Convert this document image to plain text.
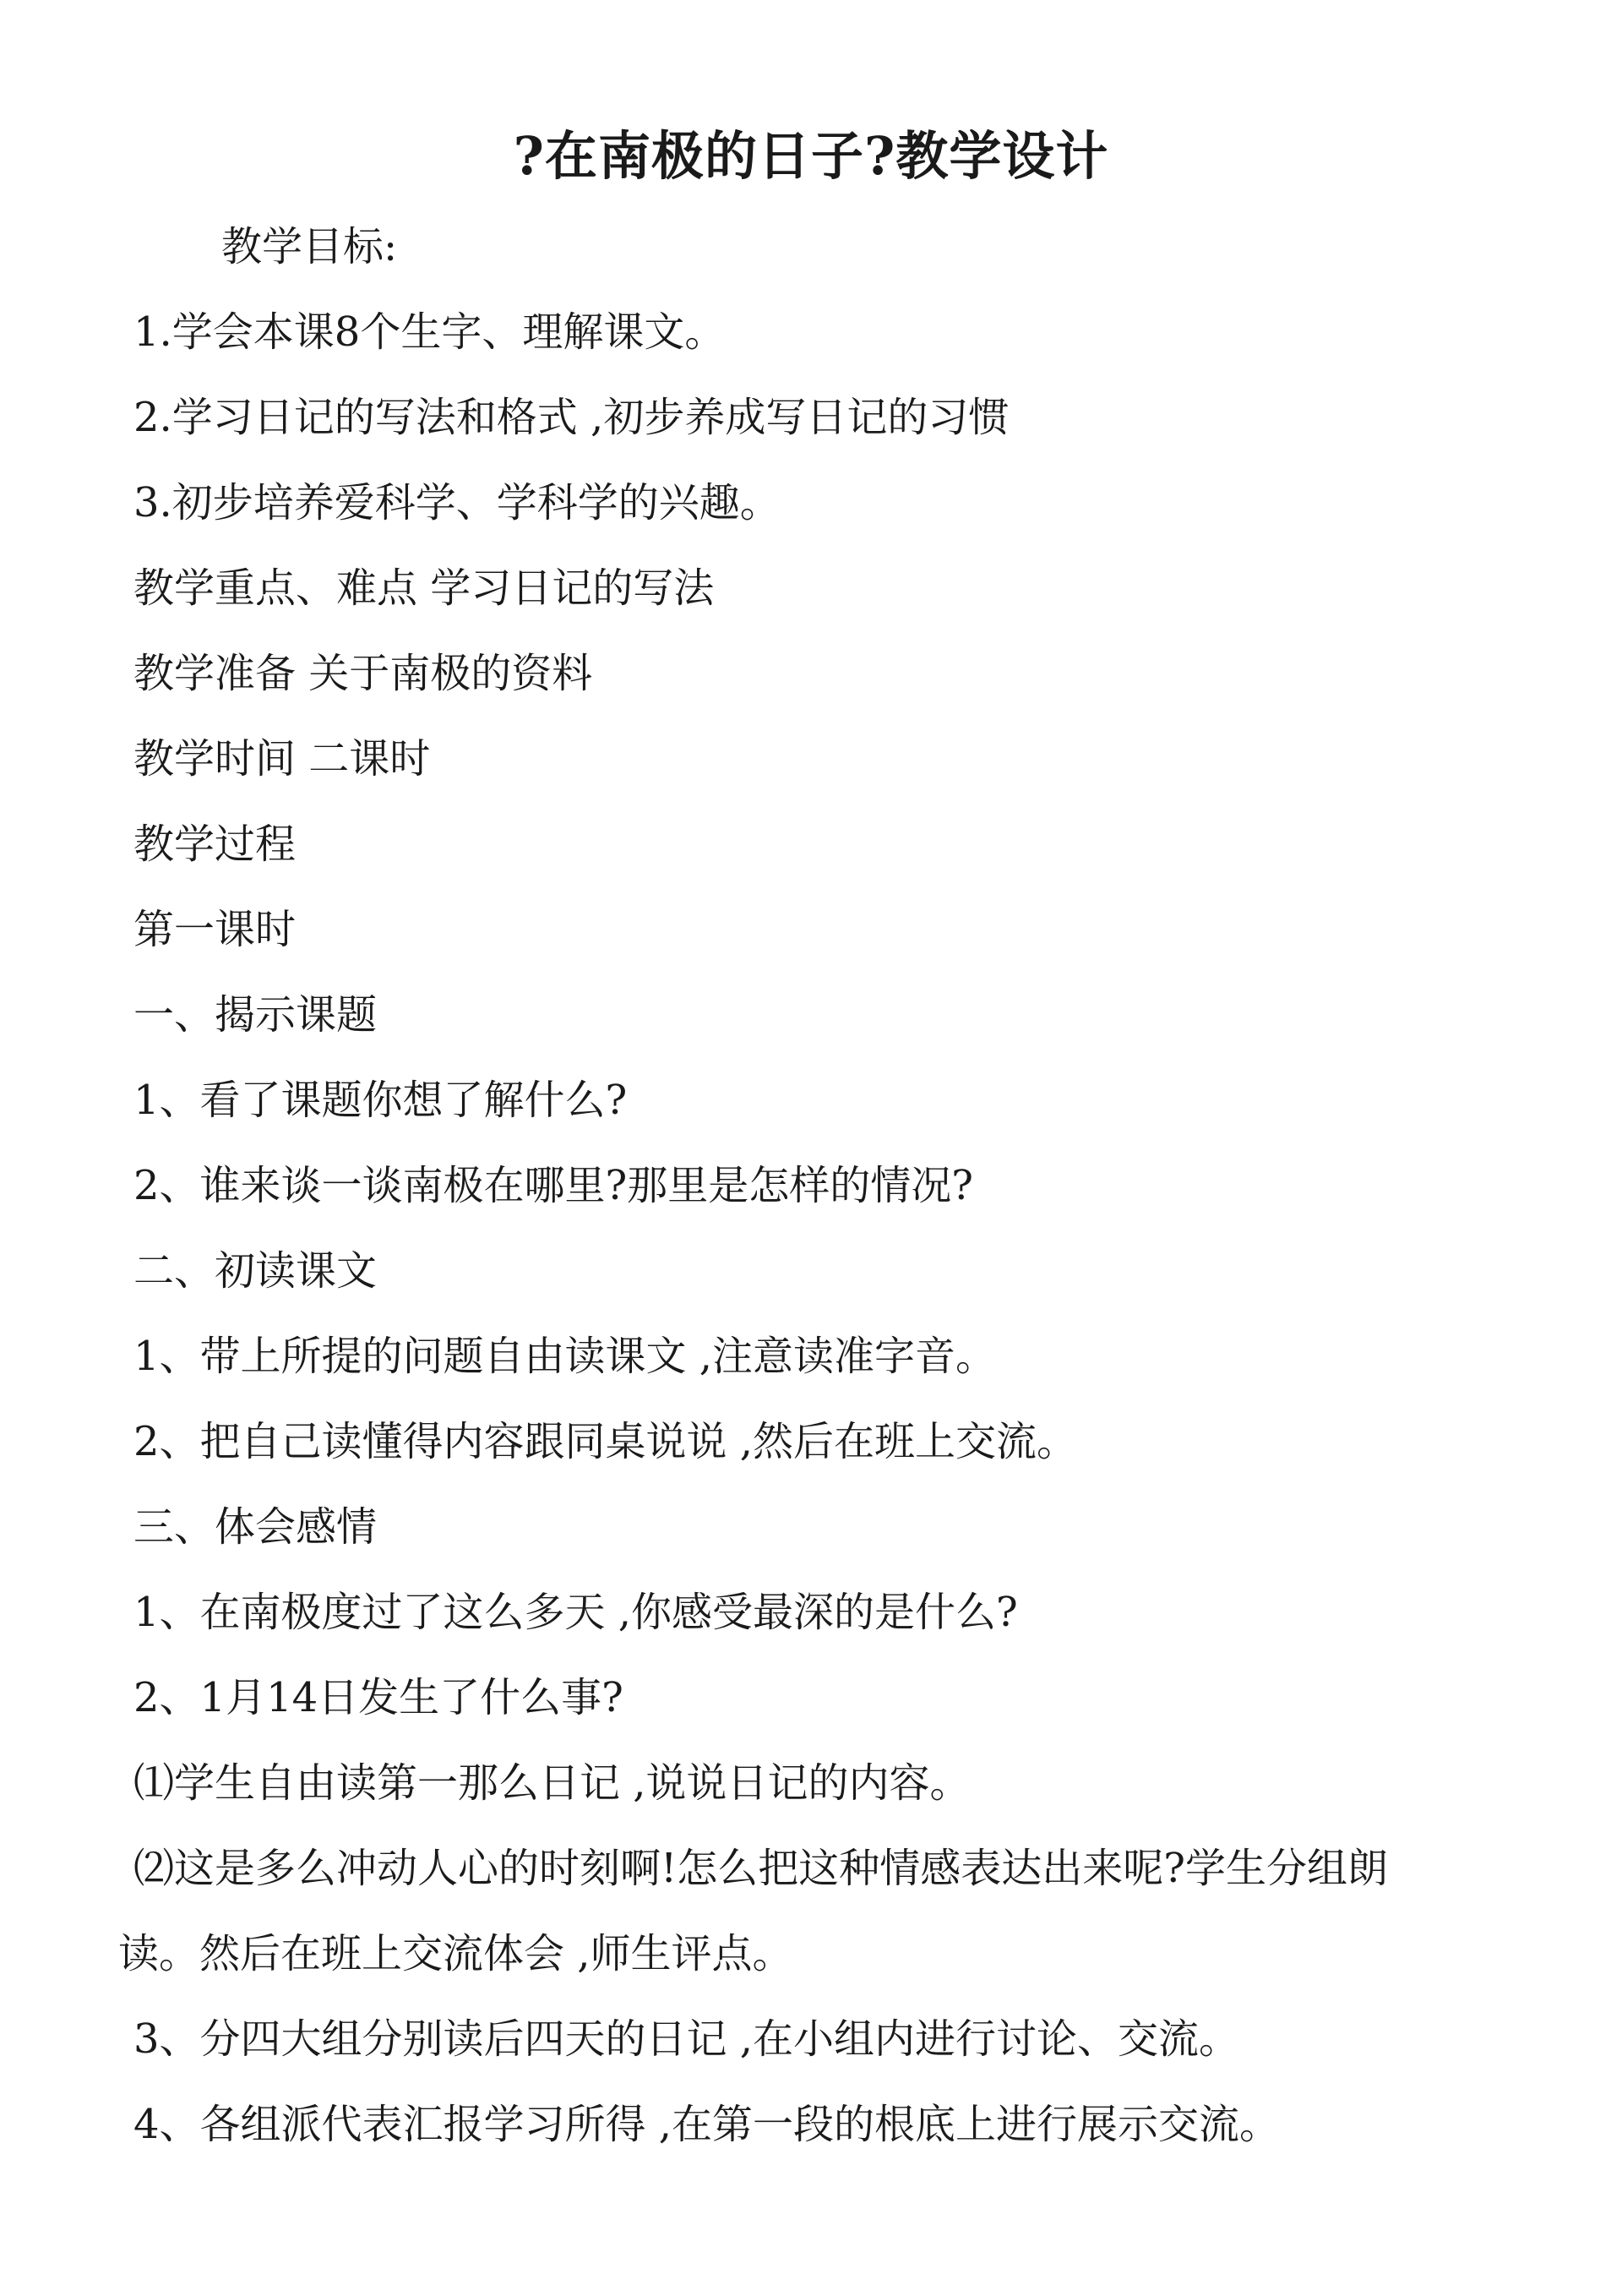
?在南极的日子?教学设计
教学目标:
1.学会本课8个生字、理解课文。
2.学习日记的写法和格式 ,初步养成写日记的习惯
3.初步培养爱科学、学科学的兴趣。
教学重点、难点 学习日记的写法
教学准备 关于南极的资料
教学时间 二课时
教学过程
第一课时
一、揭示课题
1、看了课题你想了解什么?
2、谁来谈一谈南极在哪里?那里是怎样的情况?
二、初读课文
1、带上所提的问题自由读课文 ,注意读准字音。
2、把自己读懂得内容跟同桌说说 ,然后在班上交流。
三、体会感情
1、在南极度过了这么多天 ,你感受最深的是什么?
2、1月14日发生了什么事?
⑴学生自由读第一那么日记 ,说说日记的内容。
⑵这是多么冲动人心的时刻啊!怎么把这种情感表达出来呢?学生分组朗
读。然后在班上交流体会 ,师生评点。
3、分四大组分别读后四天的日记 ,在小组内进行讨论、交流。
4、各组派代表汇报学习所得 ,在第一段的根底上进行展示交流。
